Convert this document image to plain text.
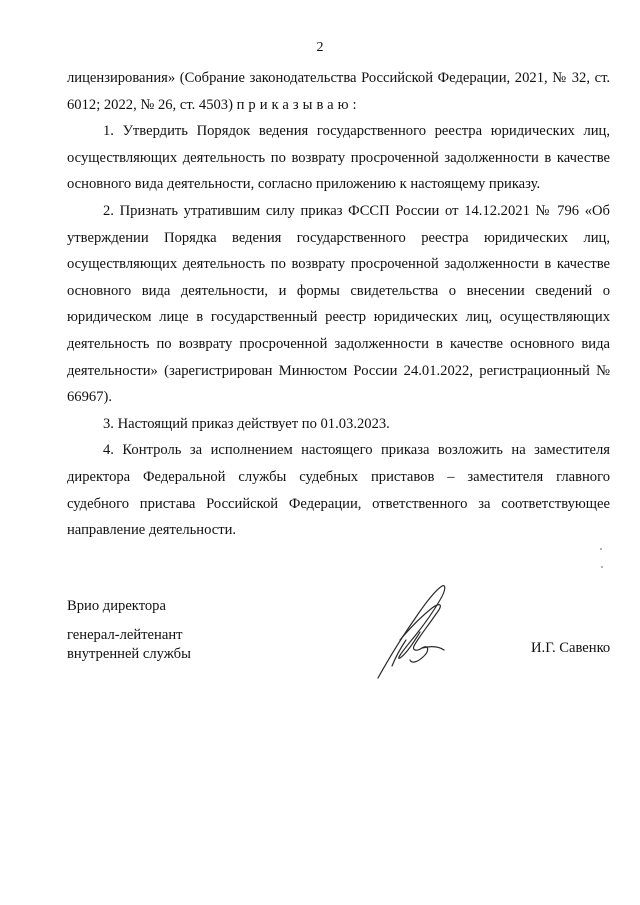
2

лицензирования» (Собрание законодательства Российской Федерации, 2021, № 32, ст. 6012; 2022, № 26, ст. 4503) приказываю:

1. Утвердить Порядок ведения государственного реестра юридических лиц, осуществляющих деятельность по возврату просроченной задолженности в качестве основного вида деятельности, согласно приложению к настоящему приказу.

2. Признать утратившим силу приказ ФССП России от 14.12.2021 № 796 «Об утверждении Порядка ведения государственного реестра юридических лиц, осуществляющих деятельность по возврату просроченной задолженности в качестве основного вида деятельности, и формы свидетельства о внесении сведений о юридическом лице в государственный реестр юридических лиц, осуществляющих деятельность по возврату просроченной задолженности в качестве основного вида деятельности» (зарегистрирован Минюстом России 24.01.2022, регистрационный № 66967).

3. Настоящий приказ действует по 01.03.2023.

4. Контроль за исполнением настоящего приказа возложить на заместителя директора Федеральной службы судебных приставов – заместителя главного судебного пристава Российской Федерации, ответственного за соответствующее направление деятельности.

Врио директора
генерал-лейтенант
внутренней службы	И.Г. Савенко
